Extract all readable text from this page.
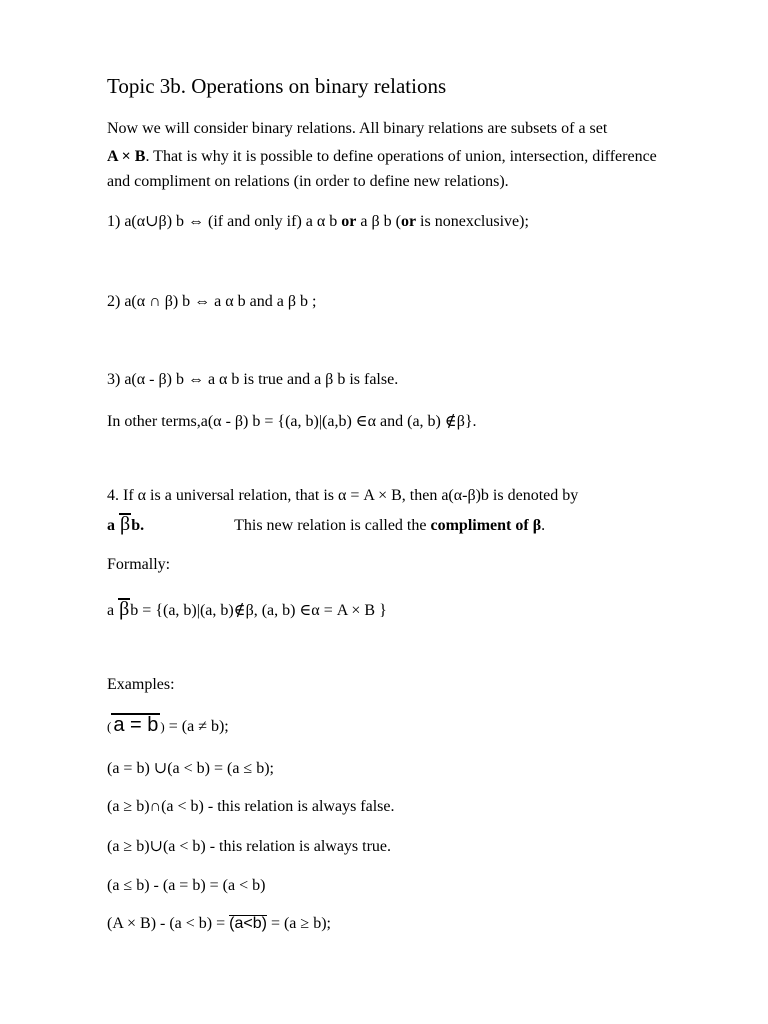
Topic 3b. Operations on binary relations
Now we will consider binary relations. All binary relations are subsets of a set
A × B. That is why it is possible to define operations of union, intersection, difference
and compliment on relations (in order to define new relations).
1) a(α∪β) b ⇔ (if and only if) a α b or a β b (or is nonexclusive);
2) a(α ∩ β) b ⇔ a α b and a β b ;
3) a(α - β) b ⇔ a α b is true and a β b is false.
In other terms,a(α - β) b = {(a, b)|(a,b) ∈α and (a, b) ∉β}.
4. If α is a universal relation, that is α = A × B, then a(α-β)b is denoted by
a βb.	This new relation is called the compliment of β.
Formally:
a βb = {(a, b)|(a, b)∉β, (a, b) ∈α = A × B }
Examples:
( a = b ) = (a ≠ b);
(a = b) ∪(a < b) = (a ≤ b);
(a ≥ b)∩(a < b) - this relation is always false.
(a ≥ b)∪(a < b) - this relation is always true.
(a ≤ b) - (a = b) = (a < b)
(A × B) - (a < b) = (a<b) = (a ≥ b);
